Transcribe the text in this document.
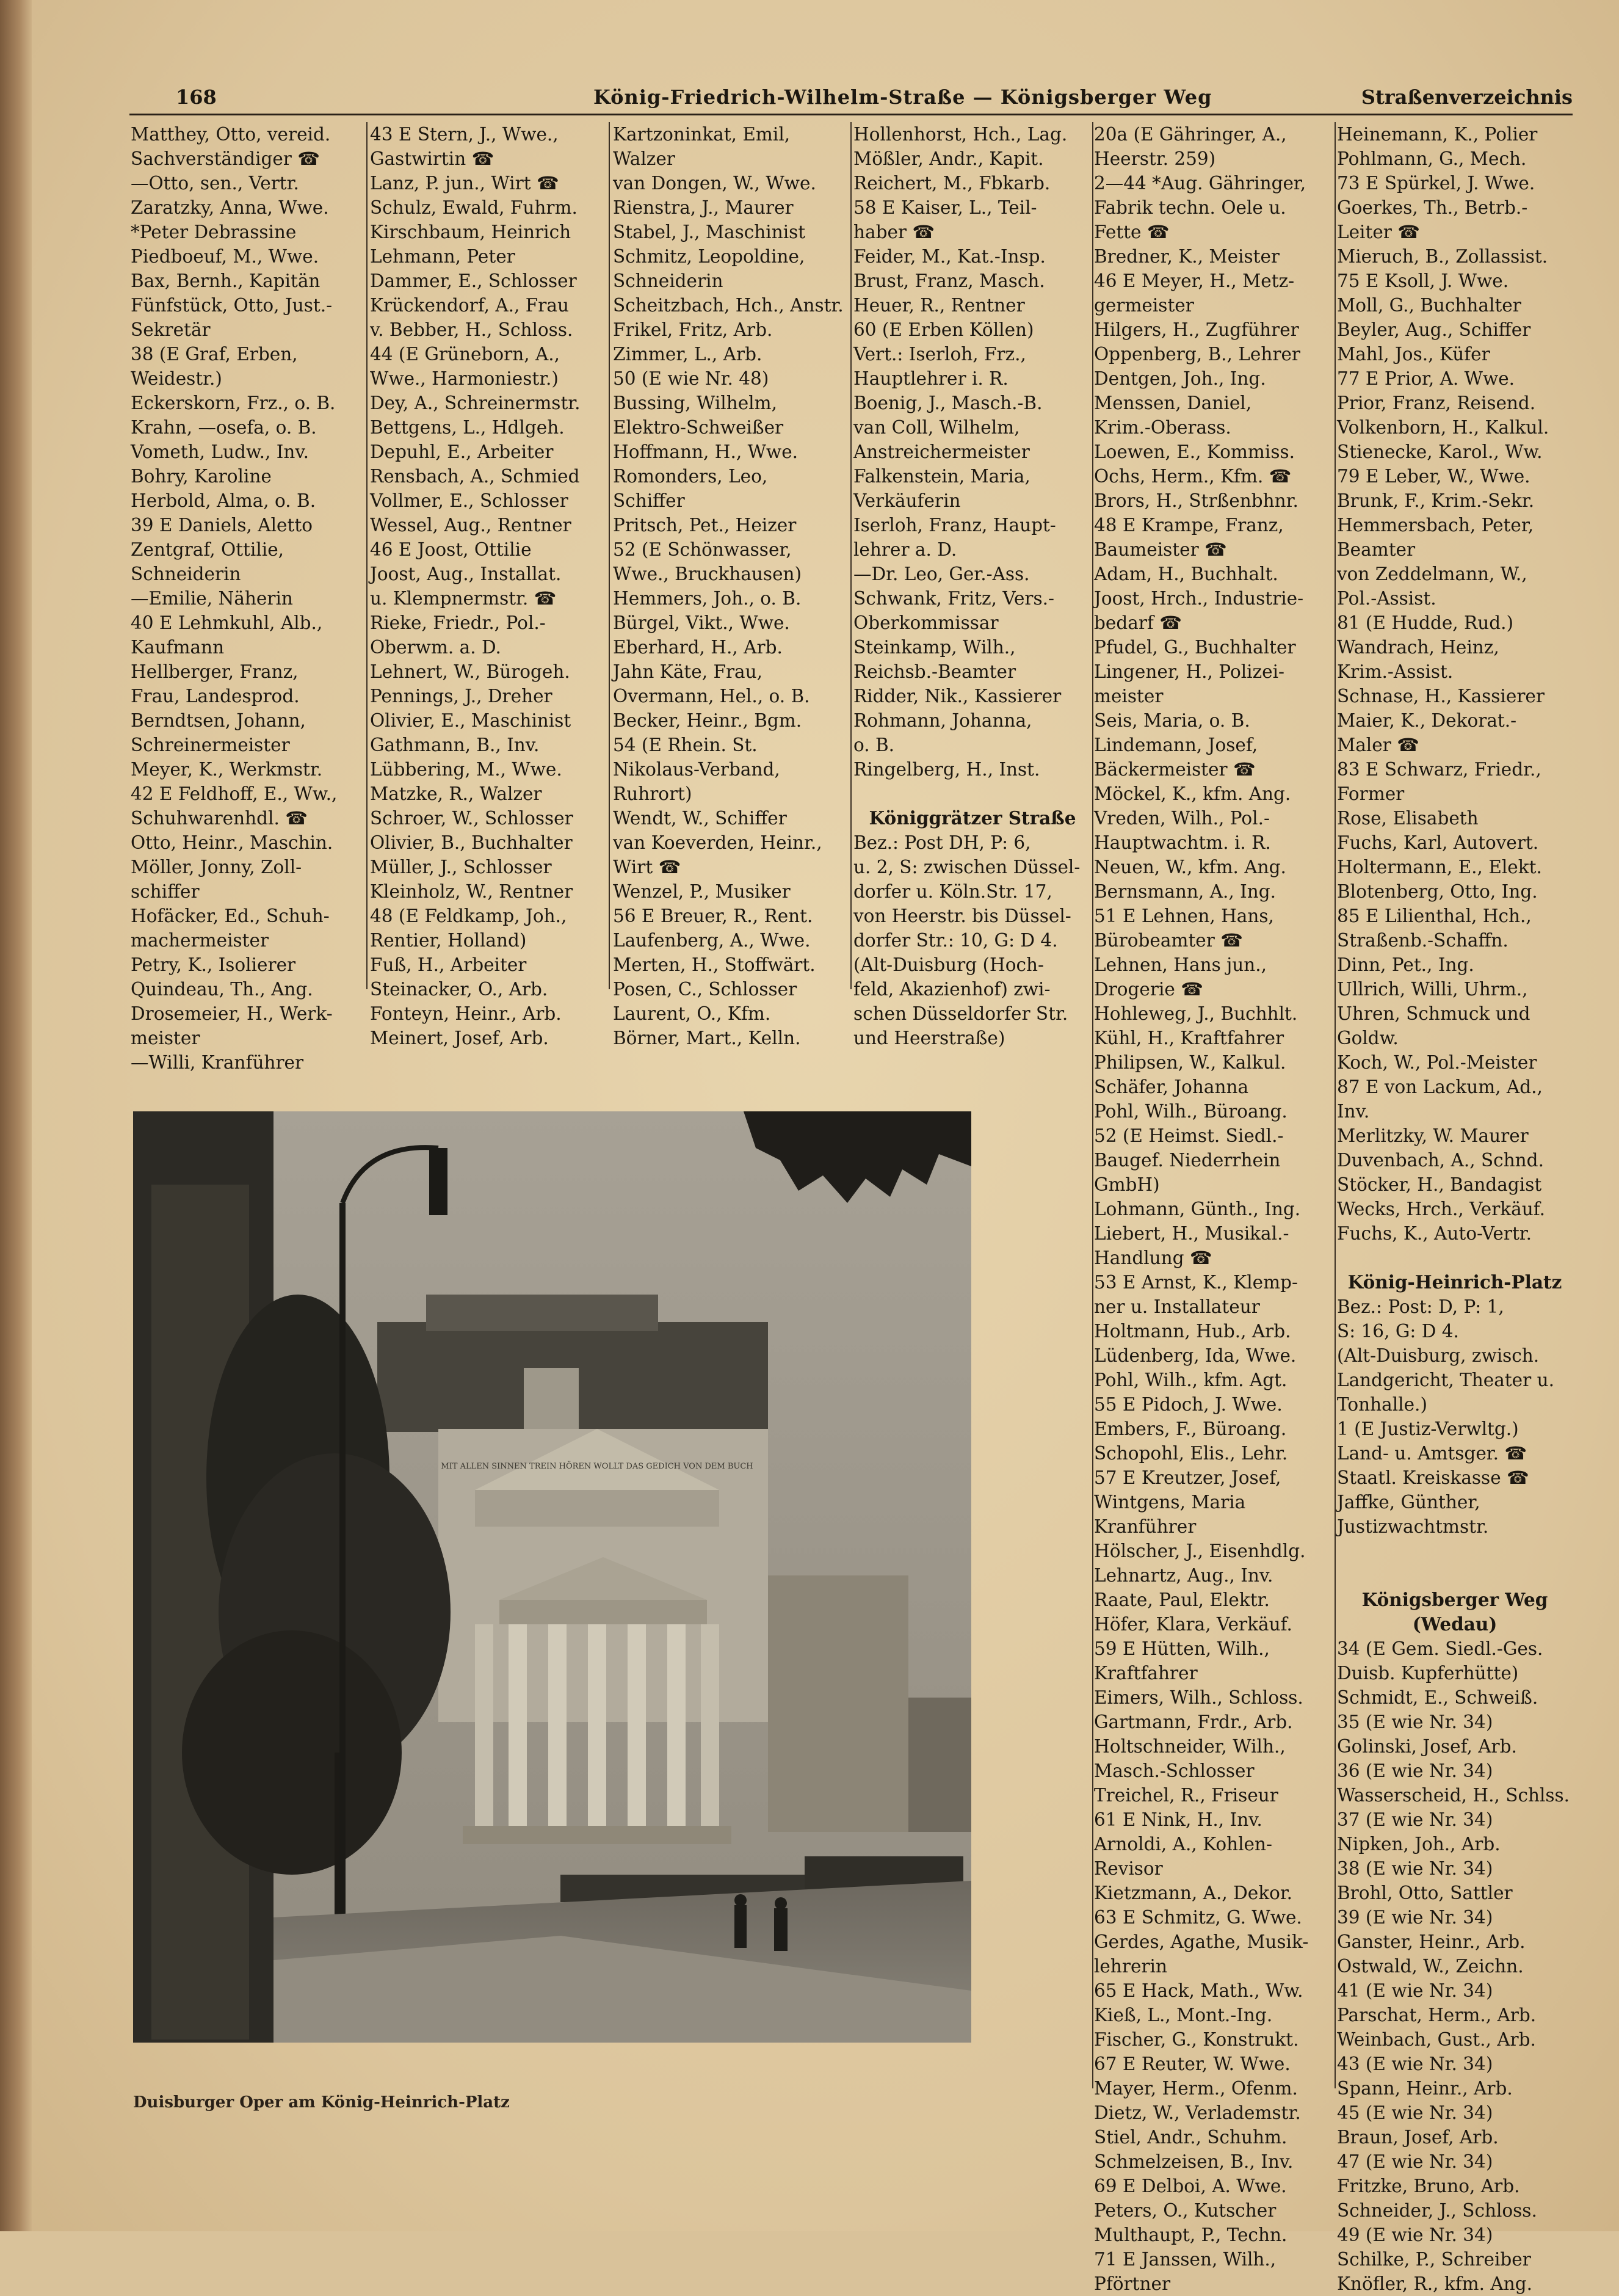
168	König-Friedrich-Wilhelm-Straße — Königsberger Weg	Straßenverzeichnis
Matthey, Otto, vereid.
Sachverständiger ☎
—Otto, sen., Vertr.
Zaratzky, Anna, Wwe.
*Peter Debrassine
Piedboeuf, M., Wwe.
Bax, Bernh., Kapitän
Fünfstück, Otto, Just.-
Sekretär
38 (E Graf, Erben,
Weidestr.)
Eckerskorn, Frz., o. B.
Krahn, —osefa, o. B.
Vometh, Ludw., Inv.
Bohry, Karoline
Herbold, Alma, o. B.
39 E Daniels, Aletto
Zentgraf, Ottilie,
Schneiderin
—Emilie, Näherin
40 E Lehmkuhl, Alb.,
Kaufmann
Hellberger, Franz,
Frau, Landesprod.
Berndtsen, Johann,
Schreinermeister
Meyer, K., Werkmstr.
42 E Feldhoff, E., Ww.,
Schuhwarenhdl. ☎
Otto, Heinr., Maschin.
Möller, Jonny, Zoll-
schiffer
Hofäcker, Ed., Schuh-
machermeister
Petry, K., Isolierer
Quindeau, Th., Ang.
Drosemeier, H., Werk-
meister
—Willi, Kranführer
43 E Stern, J., Wwe.,
Gastwirtin ☎
Lanz, P. jun., Wirt ☎
Schulz, Ewald, Fuhrm.
Kirschbaum, Heinrich
Lehmann, Peter
Dammer, E., Schlosser
Krückendorf, A., Frau
v. Bebber, H., Schloss.
44 (E Grüneborn, A.,
Wwe., Harmoniestr.)
Dey, A., Schreinermstr.
Bettgens, L., Hdlgeh.
Depuhl, E., Arbeiter
Rensbach, A., Schmied
Vollmer, E., Schlosser
Wessel, Aug., Rentner
46 E Joost, Ottilie
Joost, Aug., Installat.
u. Klempnermstr. ☎
Rieke, Friedr., Pol.-
Oberwm. a. D.
Lehnert, W., Bürogeh.
Pennings, J., Dreher
Olivier, E., Maschinist
Gathmann, B., Inv.
Lübbering, M., Wwe.
Matzke, R., Walzer
Schroer, W., Schlosser
Olivier, B., Buchhalter
Müller, J., Schlosser
Kleinholz, W., Rentner
48 (E Feldkamp, Joh.,
Rentier, Holland)
Fuß, H., Arbeiter
Steinacker, O., Arb.
Fonteyn, Heinr., Arb.
Meinert, Josef, Arb.
Kartzoninkat, Emil,
Walzer
van Dongen, W., Wwe.
Rienstra, J., Maurer
Stabel, J., Maschinist
Schmitz, Leopoldine,
Schneiderin
Scheitzbach, Hch., Anstr.
Frikel, Fritz, Arb.
Zimmer, L., Arb.
50 (E wie Nr. 48)
Bussing, Wilhelm,
Elektro-Schweißer
Hoffmann, H., Wwe.
Romonders, Leo,
Schiffer
Pritsch, Pet., Heizer
52 (E Schönwasser,
Wwe., Bruckhausen)
Hemmers, Joh., o. B.
Bürgel, Vikt., Wwe.
Eberhard, H., Arb.
Jahn Käte, Frau,
Overmann, Hel., o. B.
Becker, Heinr., Bgm.
54 (E Rhein. St.
Nikolaus-Verband,
Ruhrort)
Wendt, W., Schiffer
van Koeverden, Heinr.,
Wirt ☎
Wenzel, P., Musiker
56 E Breuer, R., Rent.
Laufenberg, A., Wwe.
Merten, H., Stoffwärt.
Posen, C., Schlosser
Laurent, O., Kfm.
Börner, Mart., Kelln.
Hollenhorst, Hch., Lag.
Mößler, Andr., Kapit.
Reichert, M., Fbkarb.
58 E Kaiser, L., Teil-
haber ☎
Feider, M., Kat.-Insp.
Brust, Franz, Masch.
Heuer, R., Rentner
60 (E Erben Köllen)
Vert.: Iserloh, Frz.,
Hauptlehrer i. R.
Boenig, J., Masch.-B.
van Coll, Wilhelm,
Anstreichermeister
Falkenstein, Maria,
Verkäuferin
Iserloh, Franz, Haupt-
lehrer a. D.
—Dr. Leo, Ger.-Ass.
Schwank, Fritz, Vers.-
Oberkommissar
Steinkamp, Wilh.,
Reichsb.-Beamter
Ridder, Nik., Kassierer
Rohmann, Johanna,
o. B.
Ringelberg, H., Inst.

Königgrätzer Straße
Bez.: Post DH, P: 6,
u. 2, S: zwischen Düssel-
dorfer u. Köln.Str. 17,
von Heerstr. bis Düssel-
dorfer Str.: 10, G: D 4.
(Alt-Duisburg (Hoch-
feld, Akazienhof) zwi-
schen Düsseldorfer Str.
und Heerstraße)
20a (E Gähringer, A.,
Heerstr. 259)
2—44 *Aug. Gähringer,
Fabrik techn. Oele u.
Fette ☎
Bredner, K., Meister
46 E Meyer, H., Metz-
germeister
Hilgers, H., Zugführer
Oppenberg, B., Lehrer
Dentgen, Joh., Ing.
Menssen, Daniel,
Krim.-Oberass.
Loewen, E., Kommiss.
Ochs, Herm., Kfm. ☎
Brors, H., Strßenbhnr.
48 E Krampe, Franz,
Baumeister ☎
Adam, H., Buchhalt.
Joost, Hrch., Industrie-
bedarf ☎
Pfudel, G., Buchhalter
Lingener, H., Polizei-
meister
Seis, Maria, o. B.
Lindemann, Josef,
Bäckermeister ☎
Möckel, K., kfm. Ang.
Vreden, Wilh., Pol.-
Hauptwachtm. i. R.
Neuen, W., kfm. Ang.
Bernsmann, A., Ing.
51 E Lehnen, Hans,
Bürobeamter ☎
Lehnen, Hans jun.,
Drogerie ☎
Hohleweg, J., Buchhlt.
Kühl, H., Kraftfahrer
Philipsen, W., Kalkul.
Schäfer, Johanna
Pohl, Wilh., Büroang.
52 (E Heimst. Siedl.-
Baugef. Niederrhein
GmbH)
Lohmann, Günth., Ing.
Liebert, H., Musikal.-
Handlung ☎
53 E Arnst, K., Klemp-
ner u. Installateur
Holtmann, Hub., Arb.
Lüdenberg, Ida, Wwe.
Pohl, Wilh., kfm. Agt.
55 E Pidoch, J. Wwe.
Embers, F., Büroang.
Schopohl, Elis., Lehr.
57 E Kreutzer, Josef,
Wintgens, Maria
Kranführer
Hölscher, J., Eisenhdlg.
Lehnartz, Aug., Inv.
Raate, Paul, Elektr.
Höfer, Klara, Verkäuf.
59 E Hütten, Wilh.,
Kraftfahrer
Eimers, Wilh., Schloss.
Gartmann, Frdr., Arb.
Holtschneider, Wilh.,
Masch.-Schlosser
Treichel, R., Friseur
61 E Nink, H., Inv.
Arnoldi, A., Kohlen-
Revisor
Kietzmann, A., Dekor.
63 E Schmitz, G. Wwe.
Gerdes, Agathe, Musik-
lehrerin
65 E Hack, Math., Ww.
Kieß, L., Mont.-Ing.
Fischer, G., Konstrukt.
67 E Reuter, W. Wwe.
Mayer, Herm., Ofenm.
Dietz, W., Verlademstr.
Stiel, Andr., Schuhm.
Schmelzeisen, B., Inv.
69 E Delboi, A. Wwe.
Peters, O., Kutscher
Multhaupt, P., Techn.
71 E Janssen, Wilh.,
Pförtner
Heinemann, K., Polier
Pohlmann, G., Mech.
73 E Spürkel, J. Wwe.
Goerkes, Th., Betrb.-
Leiter ☎
Mieruch, B., Zollassist.
75 E Ksoll, J. Wwe.
Moll, G., Buchhalter
Beyler, Aug., Schiffer
Mahl, Jos., Küfer
77 E Prior, A. Wwe.
Prior, Franz, Reisend.
Volkenborn, H., Kalkul.
Stienecke, Karol., Ww.
79 E Leber, W., Wwe.
Brunk, F., Krim.-Sekr.
Hemmersbach, Peter,
Beamter
von Zeddelmann, W.,
Pol.-Assist.
81 (E Hudde, Rud.)
Wandrach, Heinz,
Krim.-Assist.
Schnase, H., Kassierer
Maier, K., Dekorat.-
Maler ☎
83 E Schwarz, Friedr.,
Former
Rose, Elisabeth
Fuchs, Karl, Autovert.
Holtermann, E., Elekt.
Blotenberg, Otto, Ing.
85 E Lilienthal, Hch.,
Straßenb.-Schaffn.
Dinn, Pet., Ing.
Ullrich, Willi, Uhrm.,
Uhren, Schmuck und
Goldw.
Koch, W., Pol.-Meister
87 E von Lackum, Ad.,
Inv.
Merlitzky, W. Maurer
Duvenbach, A., Schnd.
Stöcker, H., Bandagist
Wecks, Hrch., Verkäuf.
Fuchs, K., Auto-Vertr.

König-Heinrich-Platz
Bez.: Post: D, P: 1,
S: 16, G: D 4.
(Alt-Duisburg, zwisch.
Landgericht, Theater u.
Tonhalle.)
1 (E Justiz-Verwltg.)
Land- u. Amtsger. ☎
Staatl. Kreiskasse ☎
Jaffke, Günther,
Justizwachtmstr.

Königsberger Weg
(Wedau)
34 (E Gem. Siedl.-Ges.
Duisb. Kupferhütte)
Schmidt, E., Schweiß.
35 (E wie Nr. 34)
Golinski, Josef, Arb.
36 (E wie Nr. 34)
Wasserscheid, H., Schlss.
37 (E wie Nr. 34)
Nipken, Joh., Arb.
38 (E wie Nr. 34)
Brohl, Otto, Sattler
39 (E wie Nr. 34)
Ganster, Heinr., Arb.
Ostwald, W., Zeichn.
41 (E wie Nr. 34)
Parschat, Herm., Arb.
Weinbach, Gust., Arb.
43 (E wie Nr. 34)
Spann, Heinr., Arb.
45 (E wie Nr. 34)
Braun, Josef, Arb.
47 (E wie Nr. 34)
Fritzke, Bruno, Arb.
Schneider, J., Schloss.
49 (E wie Nr. 34)
Schilke, P., Schreiber
Knöfler, R., kfm. Ang.
MIT ALLEN SINNEN TREIN HÖREN WOLLT DAS GEDICH VON DEM BUCH
Duisburger Oper am König-Heinrich-Platz
